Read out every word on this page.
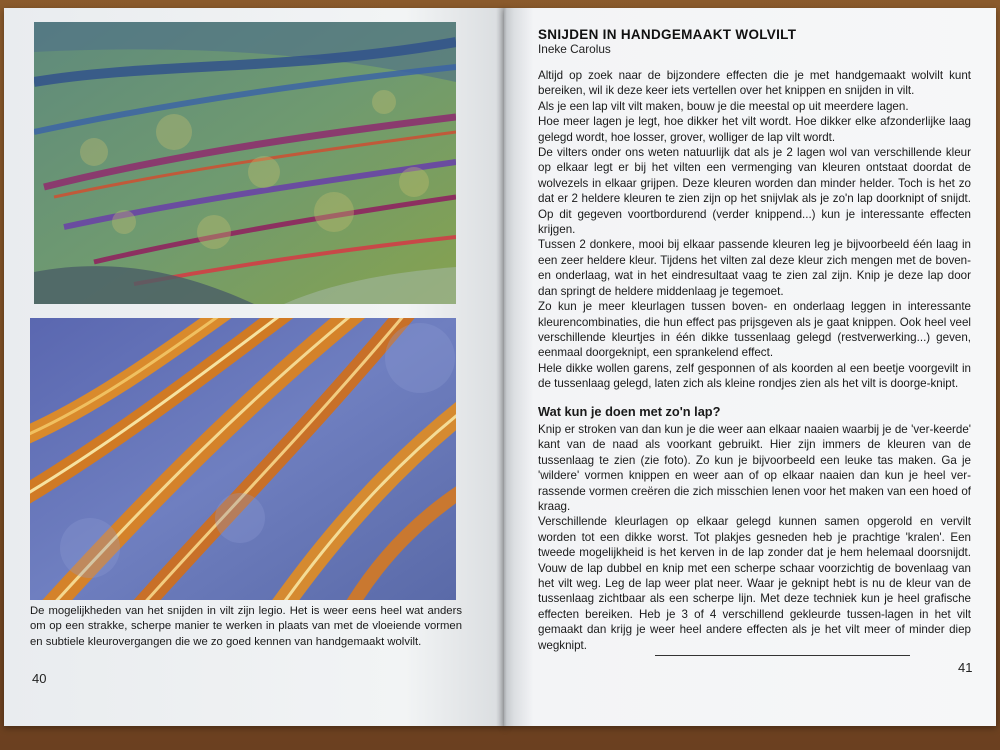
De mogelijkheden van het snijden in vilt zijn legio. Het is weer eens heel wat anders om op een strakke, scherpe manier te werken in plaats van met de vloeiende vormen en subtiele kleurovergangen die we zo goed kennen van handgemaakt wolvilt.
40
SNIJDEN IN HANDGEMAAKT WOLVILT
Ineke Carolus

Altijd op zoek naar de bijzondere effecten die je met handgemaakt wolvilt kunt bereiken, wil ik deze keer iets vertellen over het knippen en snijden in vilt.

Als je een lap vilt vilt maken, bouw je die meestal op uit meerdere lagen.

Hoe meer lagen je legt, hoe dikker het vilt wordt. Hoe dikker elke afzonderlijke laag gelegd wordt, hoe losser, grover, wolliger de lap vilt wordt.

De vilters onder ons weten natuurlijk dat als je 2 lagen wol van verschillende kleur op elkaar legt er bij het vilten een vermenging van kleuren ontstaat doordat de wolvezels in elkaar grijpen. Deze kleuren worden dan minder helder. Toch is het zo dat er 2 heldere kleuren te zien zijn op het snijvlak als je zo'n lap doorknipt of snijdt. Op dit gegeven voortbordurend (verder knippend...) kun je interessante effecten krijgen.

Tussen 2 donkere, mooi bij elkaar passende kleuren leg je bijvoorbeeld één laag in een zeer heldere kleur. Tijdens het vilten zal deze kleur zich mengen met de boven- en onderlaag, wat in het eindresultaat vaag te zien zal zijn. Knip je deze lap door dan springt de heldere middenlaag je tegemoet.

Zo kun je meer kleurlagen tussen boven- en onderlaag leggen in interessante kleurencombinaties, die hun effect pas prijsgeven als je gaat knippen. Ook heel veel verschillende kleurtjes in één dikke tussenlaag gelegd (restverwerking...) geven, eenmaal doorgeknipt, een sprankelend effect.

Hele dikke wollen garens, zelf gesponnen of als koorden al een beetje voorgevilt in de tussenlaag gelegd, laten zich als kleine rondjes zien als het vilt is doorge-knipt.

Wat kun je doen met zo'n lap?

Knip er stroken van dan kun je die weer aan elkaar naaien waarbij je de 'ver-keerde' kant van de naad als voorkant gebruikt. Hier zijn immers de kleuren van de tussenlaag te zien (zie foto). Zo kun je bijvoorbeeld een leuke tas maken. Ga je 'wildere' vormen knippen en weer aan of op elkaar naaien dan kun je heel ver-rassende vormen creëren die zich misschien lenen voor het maken van een hoed of kraag.

Verschillende kleurlagen op elkaar gelegd kunnen samen opgerold en vervilt worden tot een dikke worst. Tot plakjes gesneden heb je prachtige 'kralen'. Een tweede mogelijkheid is het kerven in de lap zonder dat je hem helemaal doorsnijdt. Vouw de lap dubbel en knip met een scherpe schaar voorzichtig de bovenlaag van het vilt weg. Leg de lap weer plat neer. Waar je geknipt hebt is nu de kleur van de tussenlaag zichtbaar als een scherpe lijn. Met deze techniek kun je heel grafische effecten bereiken. Heb je 3 of 4 verschillend gekleurde tussen-lagen in het vilt gemaakt dan krijg je weer heel andere effecten als je het vilt meer of minder diep wegknipt.

41
